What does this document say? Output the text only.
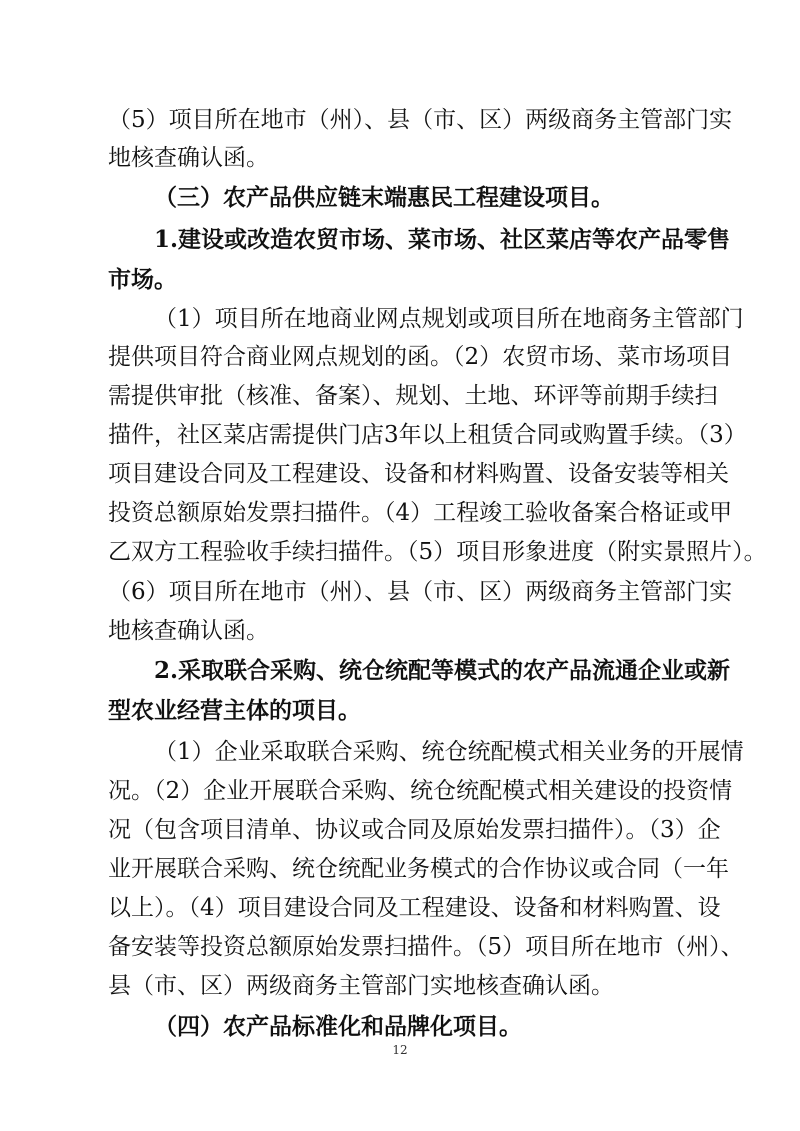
（5）项目所在地市（州）、县（市、区）两级商务主管部门实
地核查确认函。
（三）农产品供应链末端惠民工程建设项目。
1.建设或改造农贸市场、菜市场、社区菜店等农产品零售
市场。
（1）项目所在地商业网点规划或项目所在地商务主管部门
提供项目符合商业网点规划的函。（2）农贸市场、菜市场项目
需提供审批（核准、备案）、规划、土地、环评等前期手续扫
描件，社区菜店需提供门店3年以上租赁合同或购置手续。（3）
项目建设合同及工程建设、设备和材料购置、设备安装等相关
投资总额原始发票扫描件。（4）工程竣工验收备案合格证或甲
乙双方工程验收手续扫描件。（5）项目形象进度（附实景照片）。
（6）项目所在地市（州）、县（市、区）两级商务主管部门实
地核查确认函。
2.采取联合采购、统仓统配等模式的农产品流通企业或新
型农业经营主体的项目。
（1）企业采取联合采购、统仓统配模式相关业务的开展情
况。（2）企业开展联合采购、统仓统配模式相关建设的投资情
况（包含项目清单、协议或合同及原始发票扫描件）。（3）企
业开展联合采购、统仓统配业务模式的合作协议或合同（一年
以上）。（4）项目建设合同及工程建设、设备和材料购置、设
备安装等投资总额原始发票扫描件。（5）项目所在地市（州）、
县（市、区）两级商务主管部门实地核查确认函。
（四）农产品标准化和品牌化项目。
12
